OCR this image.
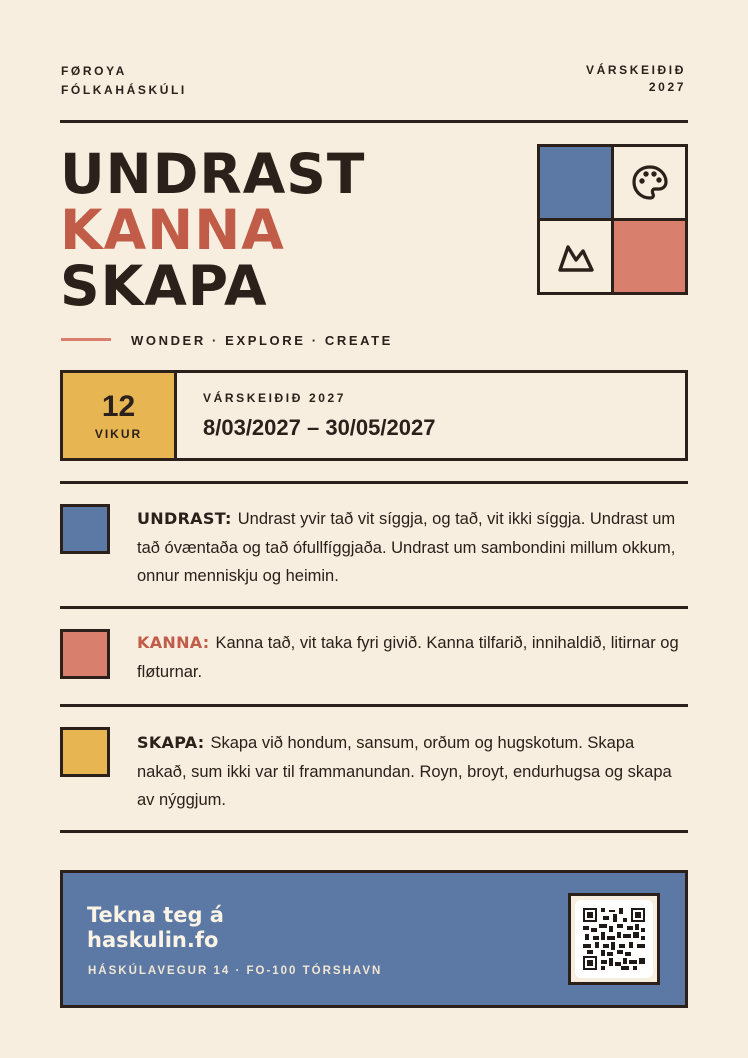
FØROYA
FÓLKAHÁSKÚLI
VÁRSKEIÐIÐ
2027
UNDRAST
KANNA
SKAPA
WONDER · EXPLORE · CREATE
12
VIKUR
VÁRSKEIÐIÐ 2027
8/03/2027 – 30/05/2027

UNDRAST: Undrast yvir tað vit síggja, og tað, vit ikki síggja. Undrast um tað óvæntaða og tað ófullfíggjaða. Undrast um sambondini millum okkum, onnur menniskju og heimin.

KANNA: Kanna tað, vit taka fyri givið. Kanna tilfarið, innihaldið, litirnar og fløturnar.

SKAPA: Skapa við hondum, sansum, orðum og hugskotum. Skapa nakað, sum ikki var til frammanundan. Royn, broyt, endurhugsa og skapa av nýggjum.

Tekna teg á
haskulin.fo
HÁSKÚLAVEGUR 14 · FO-100 TÓRSHAVN
